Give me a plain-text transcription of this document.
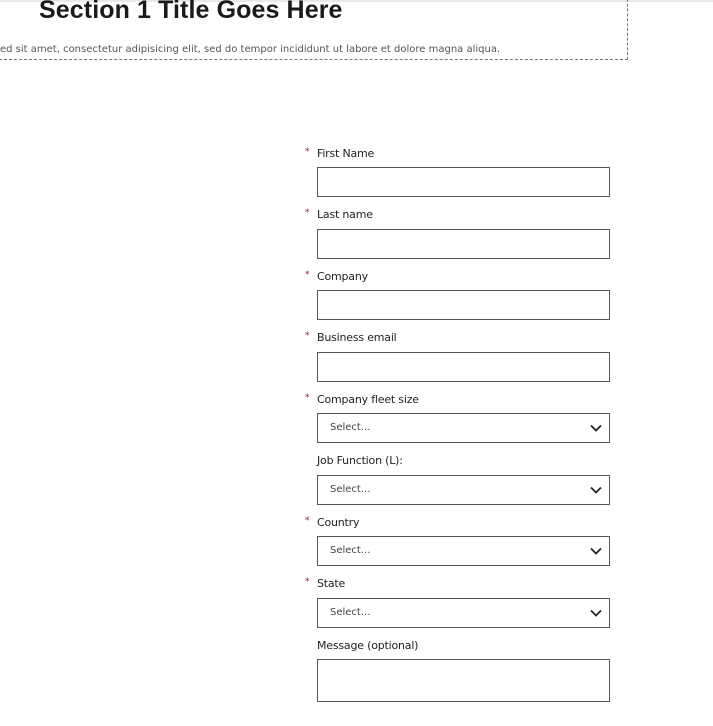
Section 1 Title Goes Here

ed sit amet, consectetur adipisicing elit, sed do tempor incididunt ut labore et dolore magna aliqua.

* First Name
* Last name
* Company
* Business email
* Company fleet size
Select...
Job Function (L):
Select...
* Country
Select...
* State
Select...
Message (optional)
